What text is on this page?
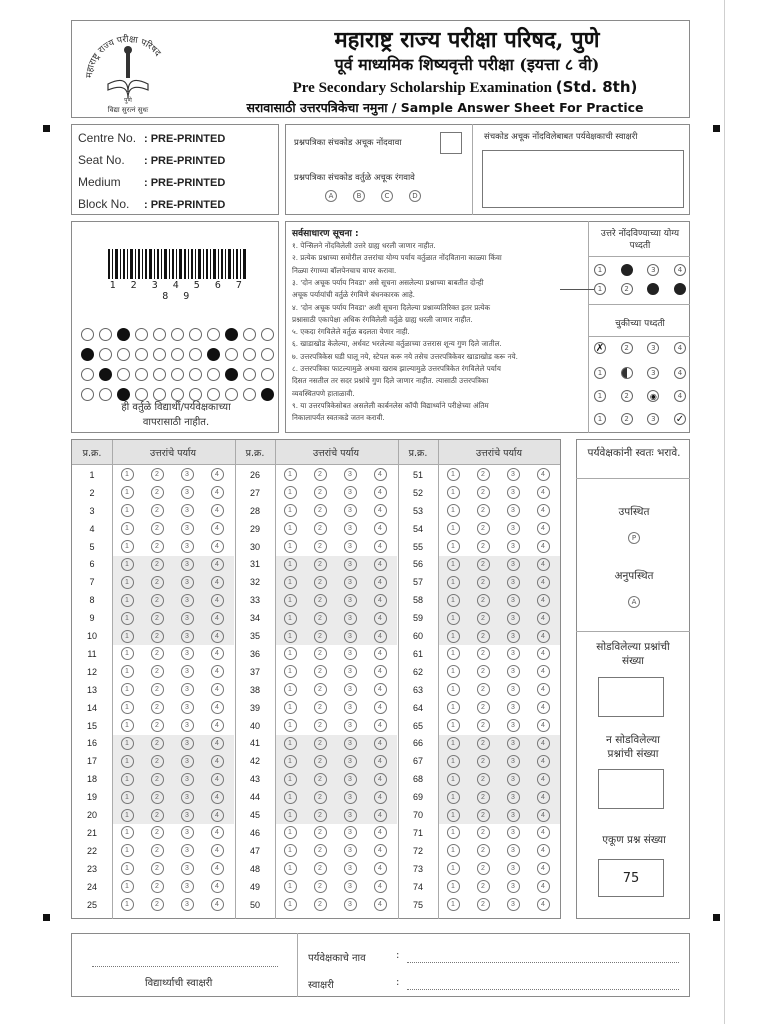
महाराष्ट्र राज्य परीक्षा परिषद
पुणे
विद्या सुरत्नं सुधः
महाराष्ट्र राज्य परीक्षा परिषद, पुणे
पूर्व माध्यमिक शिष्यवृत्ती परीक्षा (इयत्ता ८ वी)
Pre Secondary Scholarship Examination (Std. 8th)
सरावासाठी उत्तरपत्रिकेचा नमुना / Sample Answer Sheet For Practice
Centre No. : PRE-PRINTED
Seat No. : PRE-PRINTED
Medium : PRE-PRINTED
Block No. : PRE-PRINTED
प्रश्नपत्रिका संचकोड अचूक नोंदवावा
प्रश्नपत्रिका संचकोड वर्तुळे अचूक रंगवावे
A	B	C	D
संचकोड अचूक नोंदविलेबाबत पर्यवेक्षकाची स्वाक्षरी
1 2 3 4 5 6 7 8 9
ही वर्तुळे विद्यार्थी/पर्यवेक्षकाच्या
वापरासाठी नाहीत.
सर्वसाधारण सूचना :
१. पेन्सिलने नोंदविलेली उत्तरे ग्राह्य धरली जाणार नाहीत.
२. प्रत्येक प्रश्नाच्या समोरील उत्तरांचा योग्य पर्याय वर्तुळात नोंदविताना काळ्या किंवा
निळ्या रंगाच्या बॉलपेनचाच वापर करावा.
३. 'दोन अचूक पर्याय निवडा' असे सूचना असलेल्या प्रश्नाच्या बाबतीत दोन्ही
अचूक पर्यायांची वर्तुळे रंगविणे बंधनकारक आहे.
४. 'दोन अचूक पर्याय निवडा' अशी सूचना दिलेल्या प्रश्नाव्यतिरिक्त इतर प्रत्येक
प्रश्नासाठी एकापेक्षा अधिक रंगविलेली वर्तुळे ग्राह्य धरली जाणार नाहीत.
५. एकदा रंगविलेले वर्तुळ बदलता येणार नाही.
६. खाडाखोड केलेल्या, अर्धवट भरलेल्या वर्तुळाच्या उत्तरास शून्य गुण दिले जातील.
७. उत्तरपत्रिकेस घडी घालू नये, स्टेपल करू नये तसेच उत्तरपत्रिकेवर खाडाखोड करू नये.
८. उत्तरपत्रिका फाटल्यामुळे अथवा खराब झाल्यामुळे उत्तरपत्रिकेत रंगविलेले पर्याय
दिसत नसतील तर सदर प्रश्नांचे गुण दिले जाणार नाहीत. त्यासाठी उत्तरपत्रिका
व्यवस्थितपणे हाताळावी.
९. या उत्तरपत्रिकेसोबत असलेली कार्बनलेस कॉपी विद्यार्थ्याने परीक्षेच्या अंतिम
निकालापर्यंत स्वतःकडे जतन करावी.
उत्तरे नोंदविण्याच्या योग्य पध्दती
1	3	4
1	2
चुकीच्या पध्दती
✗	2	3	4
1	3	4
1	2	◉	4
1	2	3	✓
प्र.क्र.	उत्तरांचे पर्याय	प्र.क्र.	उत्तरांचे पर्याय	प्र.क्र.	उत्तरांचे पर्याय
1	1	2	3	4
2	1	2	3	4
3	1	2	3	4
4	1	2	3	4
5	1	2	3	4
6	1	2	3	4
7	1	2	3	4
8	1	2	3	4
9	1	2	3	4
10	1	2	3	4
11	1	2	3	4
12	1	2	3	4
13	1	2	3	4
14	1	2	3	4
15	1	2	3	4
16	1	2	3	4
17	1	2	3	4
18	1	2	3	4
19	1	2	3	4
20	1	2	3	4
21	1	2	3	4
22	1	2	3	4
23	1	2	3	4
24	1	2	3	4
25	1	2	3	4
26	1	2	3	4
27	1	2	3	4
28	1	2	3	4
29	1	2	3	4
30	1	2	3	4
31	1	2	3	4
32	1	2	3	4
33	1	2	3	4
34	1	2	3	4
35	1	2	3	4
36	1	2	3	4
37	1	2	3	4
38	1	2	3	4
39	1	2	3	4
40	1	2	3	4
41	1	2	3	4
42	1	2	3	4
43	1	2	3	4
44	1	2	3	4
45	1	2	3	4
46	1	2	3	4
47	1	2	3	4
48	1	2	3	4
49	1	2	3	4
50	1	2	3	4
51	1	2	3	4
52	1	2	3	4
53	1	2	3	4
54	1	2	3	4
55	1	2	3	4
56	1	2	3	4
57	1	2	3	4
58	1	2	3	4
59	1	2	3	4
60	1	2	3	4
61	1	2	3	4
62	1	2	3	4
63	1	2	3	4
64	1	2	3	4
65	1	2	3	4
66	1	2	3	4
67	1	2	3	4
68	1	2	3	4
69	1	2	3	4
70	1	2	3	4
71	1	2	3	4
72	1	2	3	4
73	1	2	3	4
74	1	2	3	4
75	1	2	3	4
पर्यवेक्षकांनी स्वतः भरावे.
उपस्थित
P
अनुपस्थित
A
सोडविलेल्या प्रश्नांची संख्या
न सोडविलेल्या प्रश्नांची संख्या
एकूण प्रश्न संख्या
75
विद्यार्थ्याची स्वाक्षरी
पर्यवेक्षकाचे नाव	:
स्वाक्षरी	:
